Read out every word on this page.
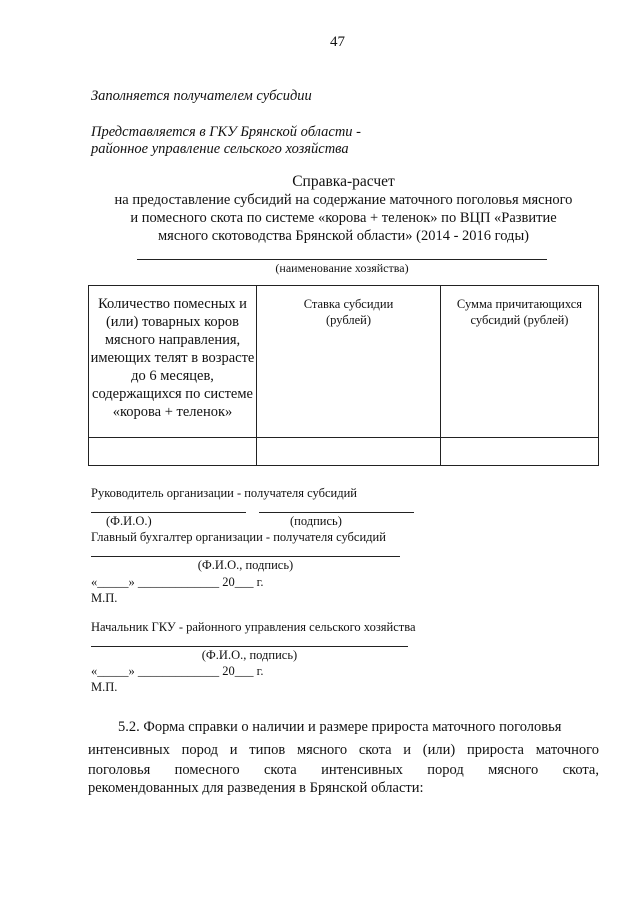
47
Заполняется получателем субсидии
Представляется в ГКУ Брянской области -
районное управление сельского хозяйства
Справка-расчет
на предоставление субсидий на содержание маточного поголовья мясного
и помесного скота по системе «корова + теленок» по ВЦП «Развитие
мясного скотоводства Брянской области» (2014 - 2016 годы)
(наименование хозяйства)
Количество помесных и (или) товарных коров мясного направления, имеющих телят в возрасте до 6 месяцев, содержащихся по системе «корова + теленок»	Ставка субсидии (рублей)	Сумма причитающихся субсидий (рублей)

Руководитель организации - получателя субсидий
(Ф.И.О.)	(подпись)
Главный бухгалтер организации - получателя субсидий
(Ф.И.О., подпись)
«_____» _____________ 20___ г.
М.П.
Начальник ГКУ - районного управления сельского хозяйства
(Ф.И.О., подпись)
«_____» _____________ 20___ г.
М.П.
5.2. Форма справки о наличии и размере прироста маточного поголовья
интенсивных пород и типов мясного скота и (или) прироста маточного
поголовья помесного скота интенсивных пород мясного скота,
рекомендованных для разведения в Брянской области:
